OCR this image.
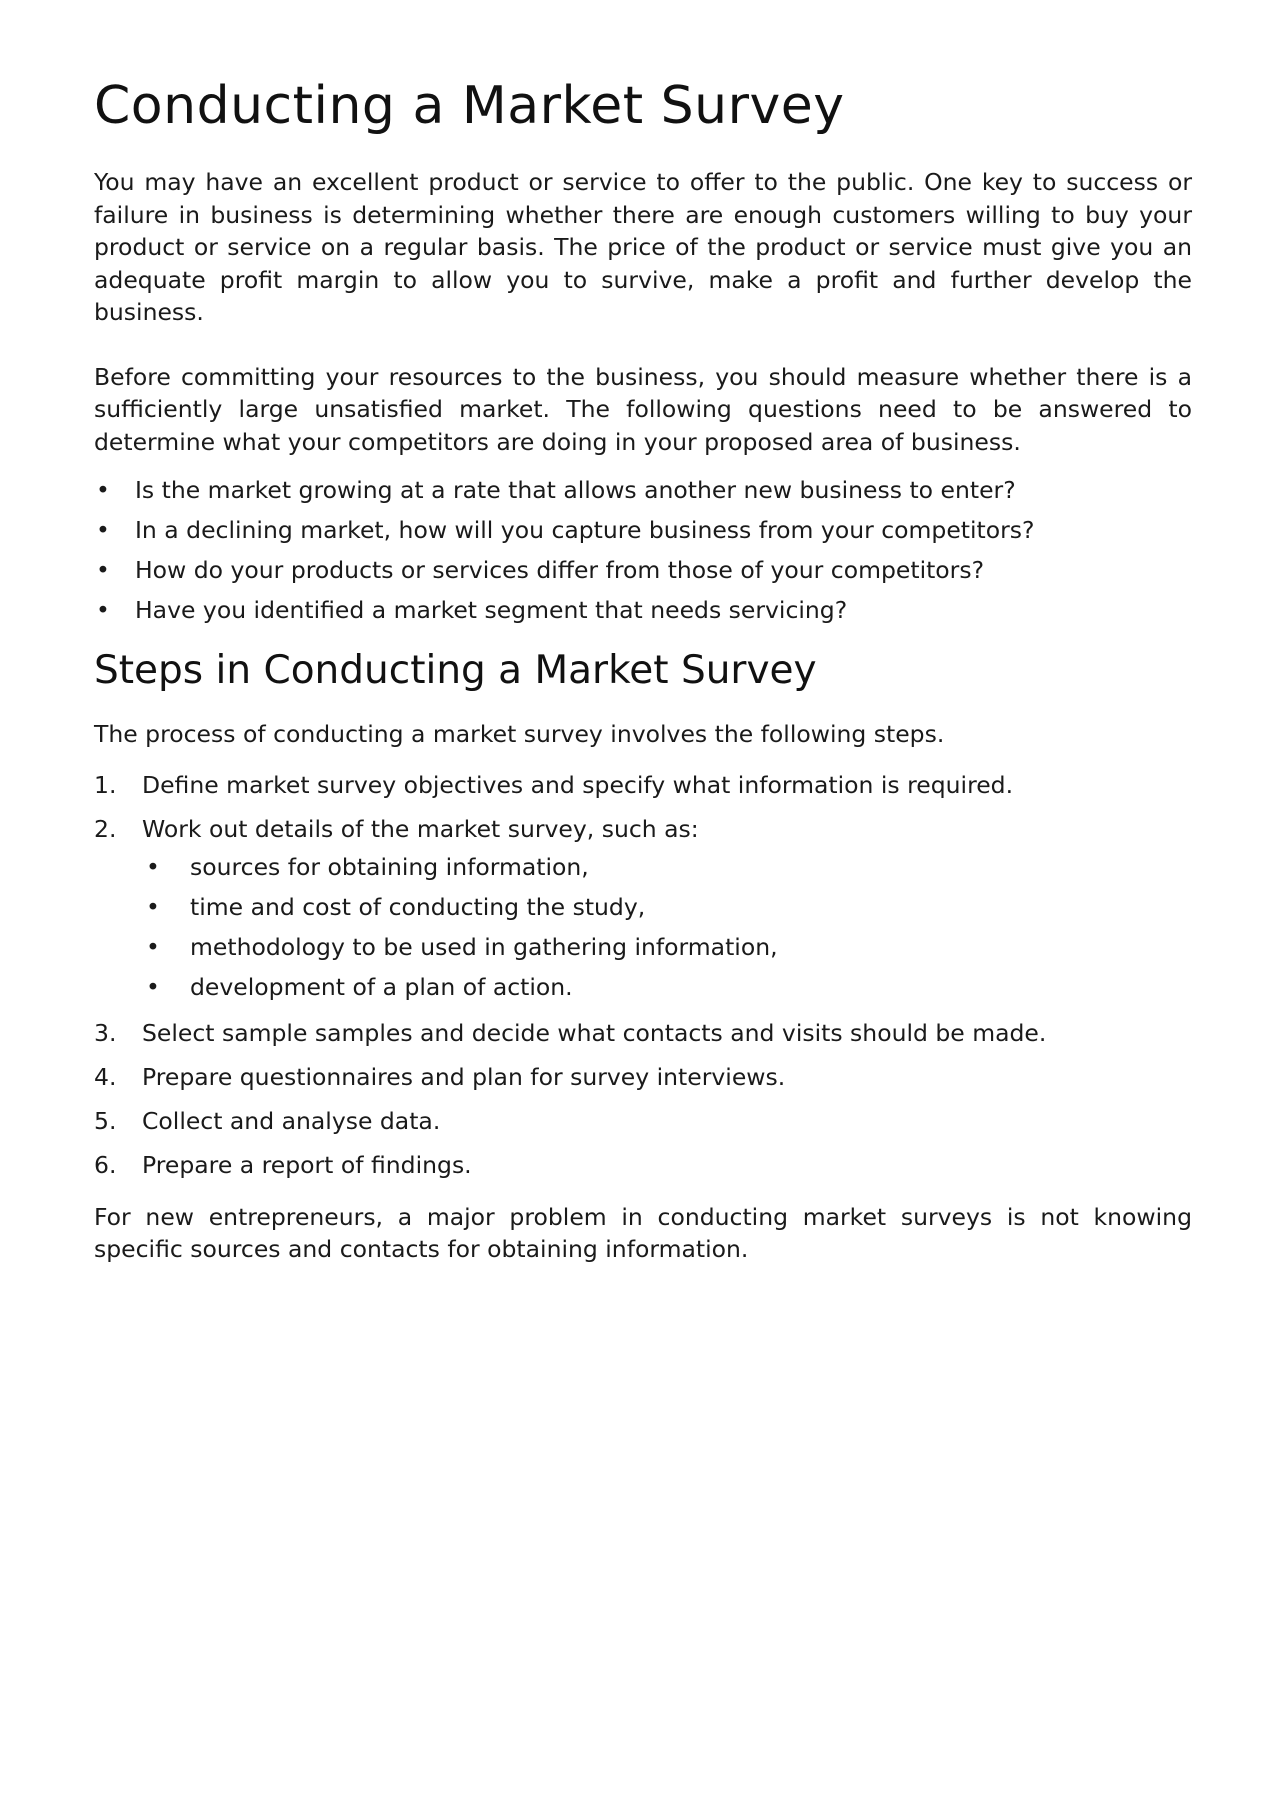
Conducting a Market Survey

You may have an excellent product or service to offer to the public. One key to success or failure in business is determining whether there are enough customers willing to buy your product or service on a regular basis. The price of the product or service must give you an adequate profit margin to allow you to survive, make a profit and further develop the business.

Before committing your resources to the business, you should measure whether there is a sufficiently large unsatisfied market. The following questions need to be answered to determine what your competitors are doing in your proposed area of business.

• Is the market growing at a rate that allows another new business to enter?
• In a declining market, how will you capture business from your competitors?
• How do your products or services differ from those of your competitors?
• Have you identified a market segment that needs servicing?
Steps in Conducting a Market Survey

The process of conducting a market survey involves the following steps.

1. Define market survey objectives and specify what information is required.
2. Work out details of the market survey, such as:
• sources for obtaining information,
• time and cost of conducting the study,
• methodology to be used in gathering information,
• development of a plan of action.
3. Select sample samples and decide what contacts and visits should be made.
4. Prepare questionnaires and plan for survey interviews.
5. Collect and analyse data.
6. Prepare a report of findings.

For new entrepreneurs, a major problem in conducting market surveys is not knowing specific sources and contacts for obtaining information.
